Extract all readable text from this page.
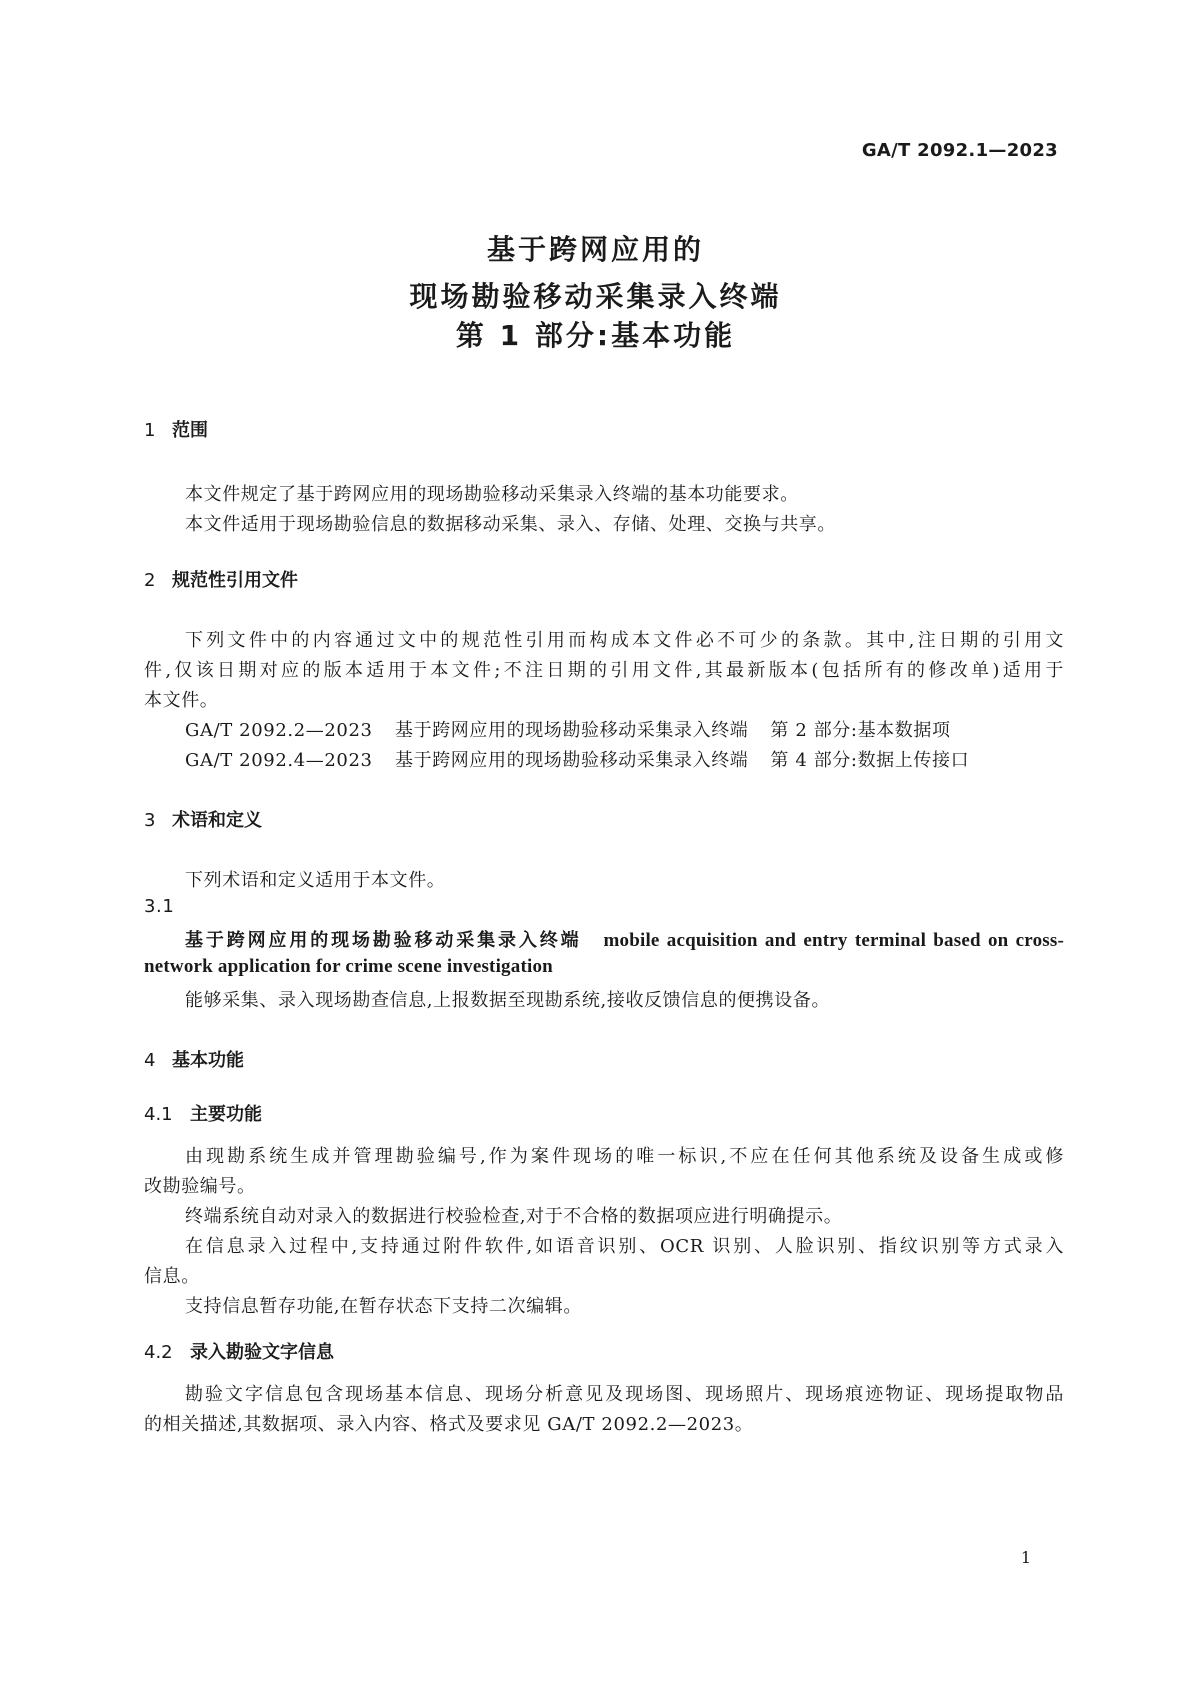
GA/T 2092.1—2023
基于跨网应用的
现场勘验移动采集录入终端
第 1 部分:基本功能
1 范围
本文件规定了基于跨网应用的现场勘验移动采集录入终端的基本功能要求。
本文件适用于现场勘验信息的数据移动采集、录入、存储、处理、交换与共享。
2 规范性引用文件
下列文件中的内容通过文中的规范性引用而构成本文件必不可少的条款。其中,注日期的引用文
件,仅该日期对应的版本适用于本文件;不注日期的引用文件,其最新版本(包括所有的修改单)适用于
本文件。
GA/T 2092.2—2023 基于跨网应用的现场勘验移动采集录入终端 第 2 部分:基本数据项
GA/T 2092.4—2023 基于跨网应用的现场勘验移动采集录入终端 第 4 部分:数据上传接口
3 术语和定义
下列术语和定义适用于本文件。
3.1
基于跨网应用的现场勘验移动采集录入终端 mobile acquisition and entry terminal based on cross-
network application for crime scene investigation
能够采集、录入现场勘查信息,上报数据至现勘系统,接收反馈信息的便携设备。
4 基本功能
4.1 主要功能
由现勘系统生成并管理勘验编号,作为案件现场的唯一标识,不应在任何其他系统及设备生成或修
改勘验编号。
终端系统自动对录入的数据进行校验检查,对于不合格的数据项应进行明确提示。
在信息录入过程中,支持通过附件软件,如语音识别、OCR 识别、人脸识别、指纹识别等方式录入
信息。
支持信息暂存功能,在暂存状态下支持二次编辑。
4.2 录入勘验文字信息
勘验文字信息包含现场基本信息、现场分析意见及现场图、现场照片、现场痕迹物证、现场提取物品
的相关描述,其数据项、录入内容、格式及要求见 GA/T 2092.2—2023。
1
